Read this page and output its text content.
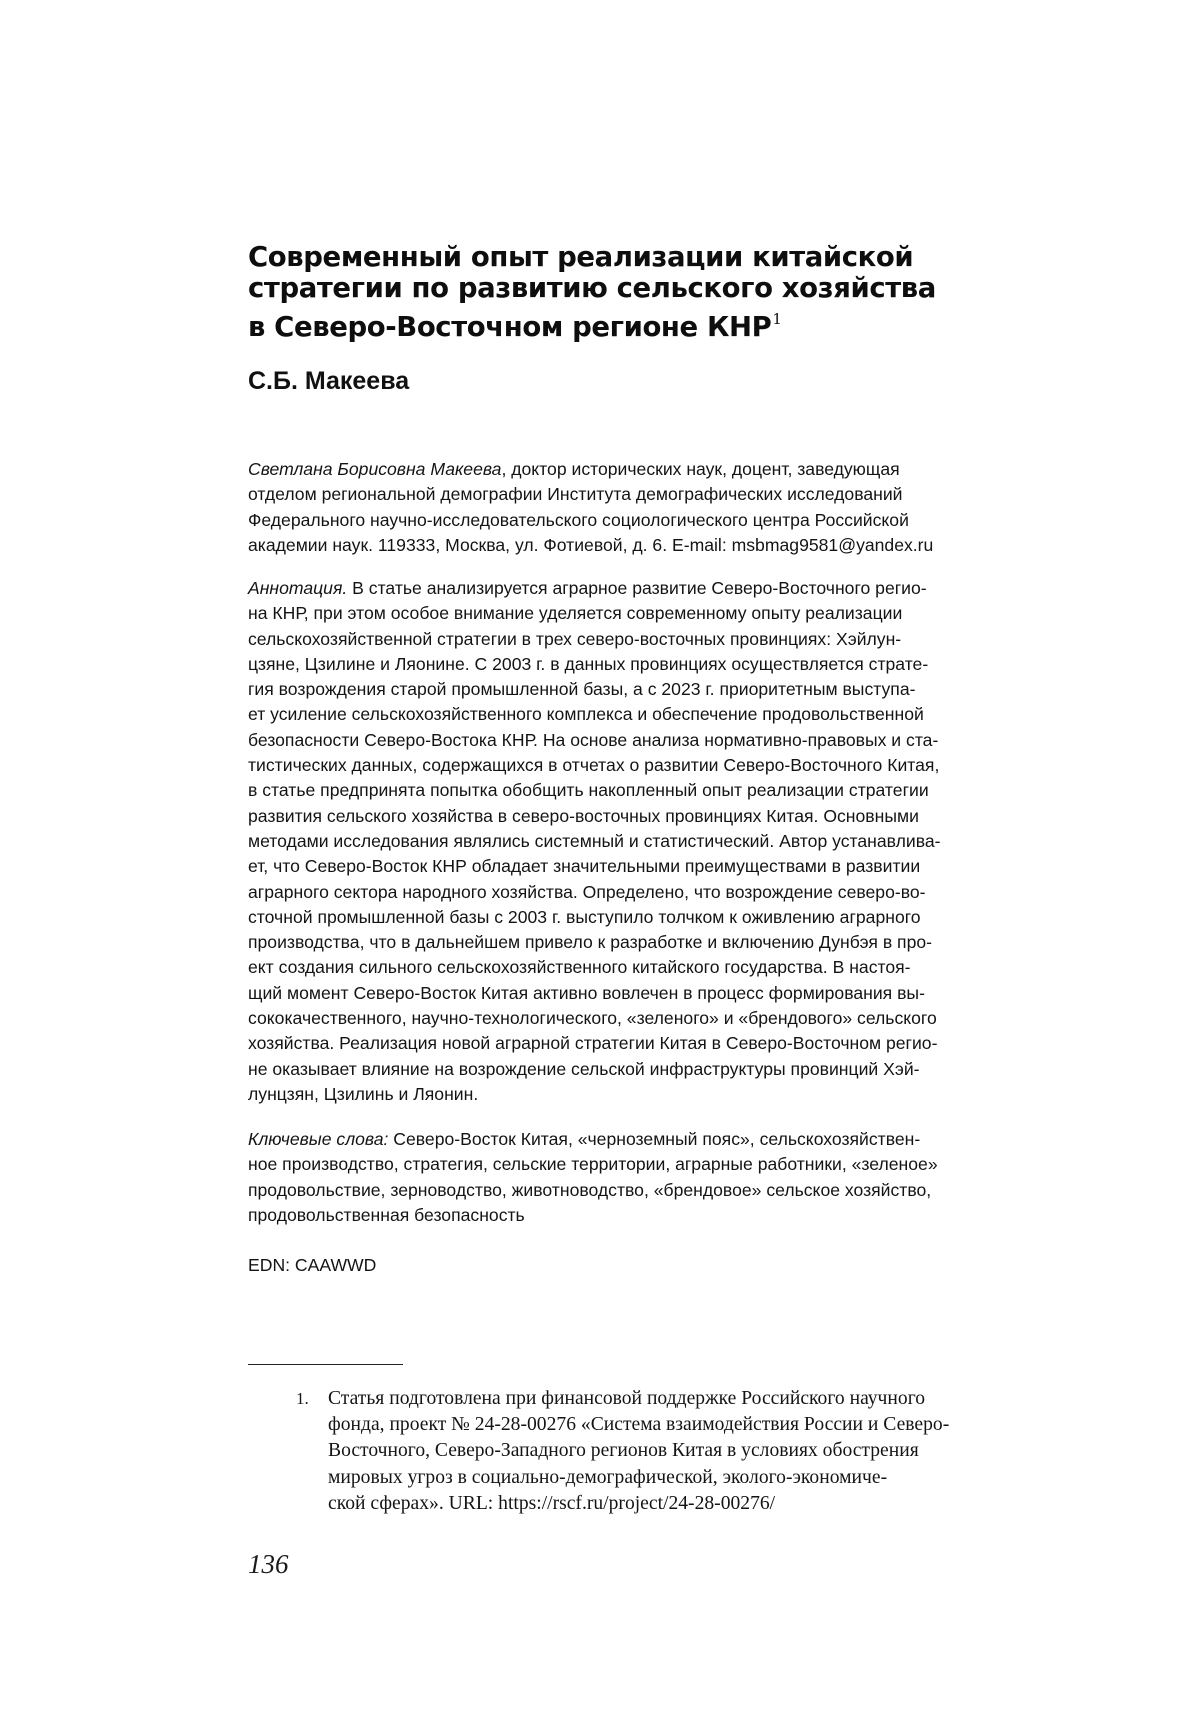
Современный опыт реализации китайской
стратегии по развитию сельского хозяйства
в Северо-Восточном регионе КНР$^1$

С.Б. Макеева

Светлана Борисовна Макеева, доктор исторических наук, доцент, заведующая
отделом региональной демографии Института демографических исследований
Федерального научно-исследовательского социологического центра Российской
академии наук. 119333, Москва, ул. Фотиевой, д. 6. E-mail: msbmag9581@yandex.ru
Аннотация. В статье анализируется аграрное развитие Северо-Восточного регио-
на КНР, при этом особое внимание уделяется современному опыту реализации
сельскохозяйственной стратегии в трех северо-восточных провинциях: Хэйлун-
цзяне, Цзилине и Ляонине. С 2003 г. в данных провинциях осуществляется страте-
гия возрождения старой промышленной базы, а с 2023 г. приоритетным выступа-
ет усиление сельскохозяйственного комплекса и обеспечение продовольственной
безопасности Северо-Востока КНР. На основе анализа нормативно-правовых и ста-
тистических данных, содержащихся в отчетах о развитии Северо-Восточного Китая,
в статье предпринята попытка обобщить накопленный опыт реализации стратегии
развития сельского хозяйства в северо-восточных провинциях Китая. Основными
методами исследования являлись системный и статистический. Автор устанавлива-
ет, что Северо-Восток КНР обладает значительными преимуществами в развитии
аграрного сектора народного хозяйства. Определено, что возрождение северо-во-
сточной промышленной базы с 2003 г. выступило толчком к оживлению аграрного
производства, что в дальнейшем привело к разработке и включению Дунбэя в про-
ект создания сильного сельскохозяйственного китайского государства. В настоя-
щий момент Северо-Восток Китая активно вовлечен в процесс формирования вы-
сококачественного, научно-технологического, «зеленого» и «брендового» сельского
хозяйства. Реализация новой аграрной стратегии Китая в Северо-Восточном регио-
не оказывает влияние на возрождение сельской инфраструктуры провинций Хэй-
лунцзян, Цзилинь и Ляонин.
Ключевые слова: Северо-Восток Китая, «черноземный пояс», сельскохозяйствен-
ное производство, стратегия, сельские территории, аграрные работники, «зеленое»
продовольствие, зерноводство, животноводство, «брендовое» сельское хозяйство,
продовольственная безопасность
EDN: CAAWWD
1. Статья подготовлена при финансовой поддержке Российского научного
фонда, проект № 24-28-00276 «Система взаимодействия России и Северо-
Восточного, Северо-Западного регионов Китая в условиях обострения
мировых угроз в социально-демографической, эколого-экономиче-
ской сферах». URL: https://rscf.ru/project/24-28-00276/
136
